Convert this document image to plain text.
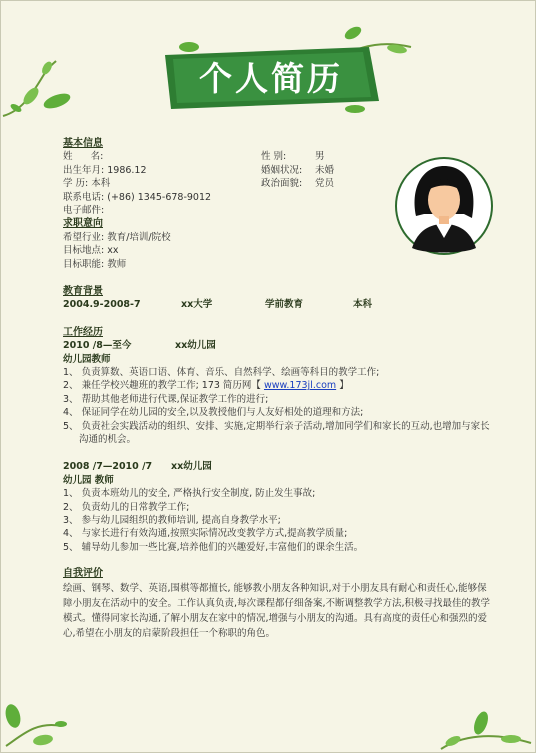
个人简历
基本信息
姓      名:	性 别:	男
出生年月: 1986.12	婚姻状况: 未婚
学 历: 本科	政治面貌: 党员
联系电话: (+86) 1345-678-9012
电子邮件:
求职意向
希望行业: 教育/培训/院校
目标地点: xx
目标职能: 教师
教育背景
2004.9-2008-7	xx大学	学前教育	本科
工作经历
2010 /8—至今	xx幼儿园
幼儿园教师

1、 负责算数、英语口语、体育、音乐、自然科学、绘画等科目的教学工作;

2、 兼任学校兴趣班的教学工作; 173 简历网【 www.173jl.com 】

3、 帮助其他老师进行代课,保证教学工作的进行;

4、 保证同学在幼儿园的安全,以及教授他们与人友好相处的道理和方法;

5、 负责社会实践活动的组织、安排、实施,定期举行亲子活动,增加同学们和家长的互动,也增加与家长沟通的机会。

2008 /7—2010 /7 xx幼儿园
幼儿园 教师

1、 负责本班幼儿的安全, 严格执行安全制度, 防止发生事故;

2、 负责幼儿的日常教学工作;

3、 参与幼儿园组织的教师培训, 提高自身教学水平;

4、 与家长进行有效沟通,按照实际情况改变教学方式,提高教学质量;

5、 辅导幼儿参加一些比赛,培养他们的兴趣爱好,丰富他们的课余生活。

自我评价

绘画、钢琴、数学、英语,围棋等都擅长, 能够教小朋友各种知识,对于小朋友具有耐心和责任心,能够保障小朋友在活动中的安全。工作认真负责,每次课程都仔细备案,不断调整教学方法,积极寻找最佳的教学模式。懂得同家长沟通,了解小朋友在家中的情况,增强与小朋友的沟通。具有高度的责任心和强烈的爱心,希望在小朋友的启蒙阶段担任一个称职的角色。
